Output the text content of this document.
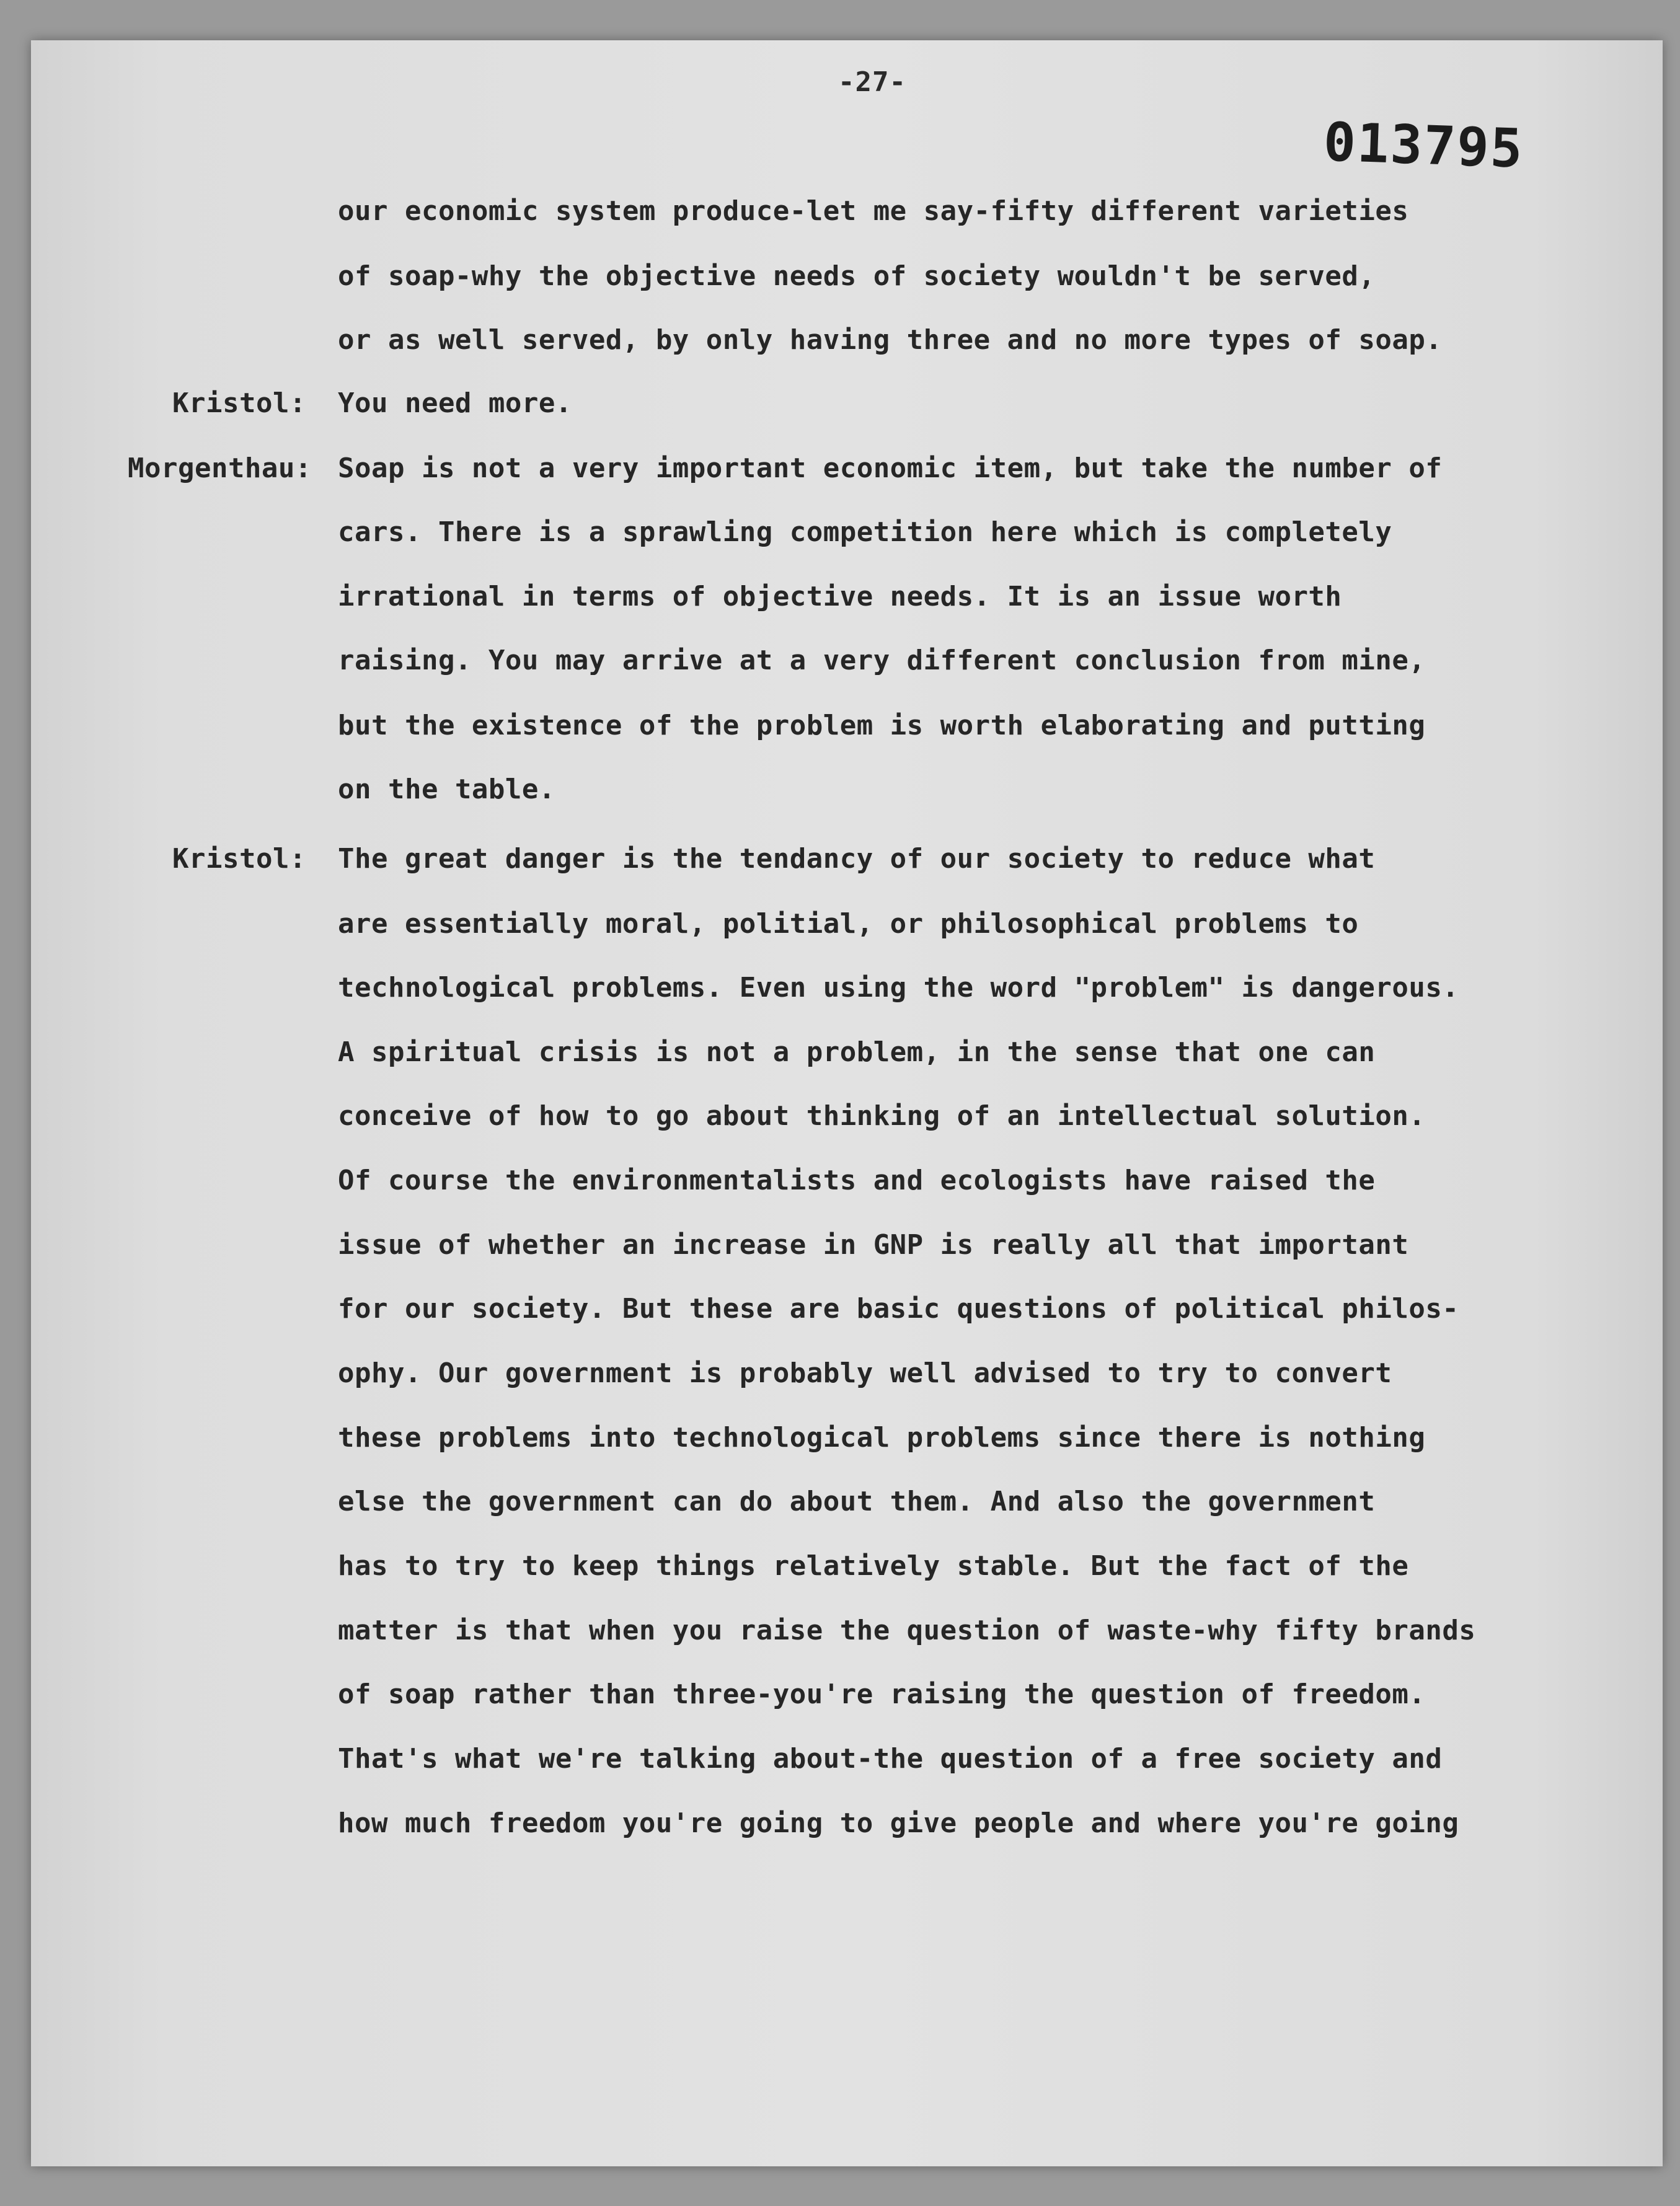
-27-
013795
our economic system produce-let me say-fifty different varieties
of soap-why the objective needs of society wouldn't be served,
or as well served, by only having three and no more types of soap.
Kristol: You need more.
Morgenthau: Soap is not a very important economic item, but take the number of
cars. There is a sprawling competition here which is completely
irrational in terms of objective needs. It is an issue worth
raising. You may arrive at a very different conclusion from mine,
but the existence of the problem is worth elaborating and putting
on the table.
Kristol: The great danger is the tendancy of our society to reduce what
are essentially moral, politial, or philosophical problems to
technological problems. Even using the word "problem" is dangerous.
A spiritual crisis is not a problem, in the sense that one can
conceive of how to go about thinking of an intellectual solution.
Of course the environmentalists and ecologists have raised the
issue of whether an increase in GNP is really all that important
for our society. But these are basic questions of political philos-
ophy. Our government is probably well advised to try to convert
these problems into technological problems since there is nothing
else the government can do about them. And also the government
has to try to keep things relatively stable. But the fact of the
matter is that when you raise the question of waste-why fifty brands
of soap rather than three-you're raising the question of freedom.
That's what we're talking about-the question of a free society and
how much freedom you're going to give people and where you're going
